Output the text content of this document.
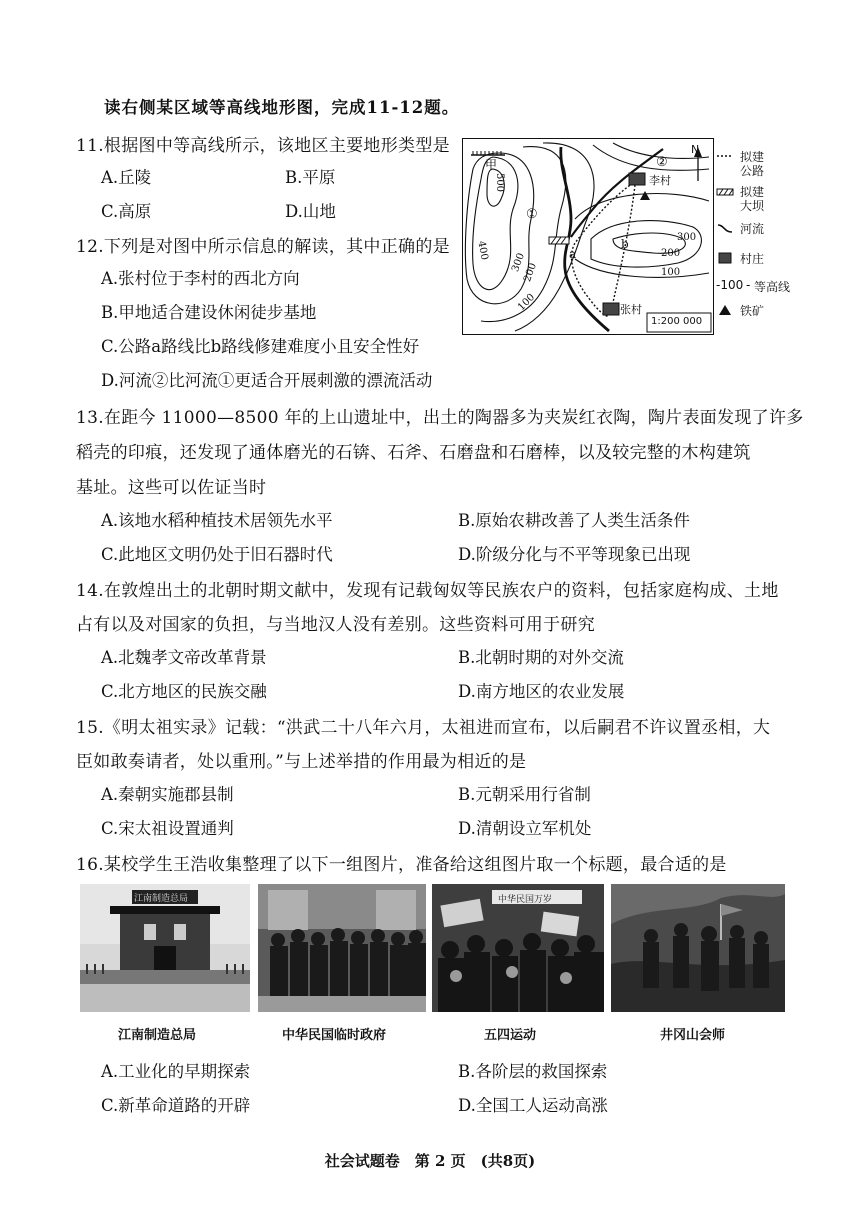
读右侧某区域等高线地形图，完成11-12题。
11.根据图中等高线所示，该地区主要地形类型是
A.丘陵	B.平原
C.高原	D.山地
12.下列是对图中所示信息的解读，其中正确的是
A.张村位于李村的西北方向
B.甲地适合建设休闲徒步基地
C.公路a路线比b路线修建难度小且安全性好
D.河流②比河流①更适合开展刺激的漂流活动
N
甲
500
400
300
200
100
①
②
李村
张村
a
b	300
200
100
1:200 000
拟建
公路
拟建
大坝
河流
村庄
-100 - 等高线
铁矿
13.在距今 11000—8500 年的上山遗址中，出土的陶器多为夹炭红衣陶，陶片表面发现了许多
稻壳的印痕，还发现了通体磨光的石锛、石斧、石磨盘和石磨棒，以及较完整的木构建筑
基址。这些可以佐证当时
A.该地水稻种植技术居领先水平	B.原始农耕改善了人类生活条件
C.此地区文明仍处于旧石器时代	D.阶级分化与不平等现象已出现
14.在敦煌出土的北朝时期文献中，发现有记载匈奴等民族农户的资料，包括家庭构成、土地
占有以及对国家的负担，与当地汉人没有差别。这些资料可用于研究
A.北魏孝文帝改革背景	B.北朝时期的对外交流
C.北方地区的民族交融	D.南方地区的农业发展
15.《明太祖实录》记载：“洪武二十八年六月，太祖进而宣布，以后嗣君不许议置丞相，大
臣如敢奏请者，处以重刑。”与上述举措的作用最为相近的是
A.秦朝实施郡县制	B.元朝采用行省制
C.宋太祖设置通判	D.清朝设立军机处
16.某校学生王浩收集整理了以下一组图片，准备给这组图片取一个标题，最合适的是
江南制造总局	中华民国万岁
江南制造总局	中华民国临时政府	五四运动	井冈山会师
A.工业化的早期探索	B.各阶层的救国探索
C.新革命道路的开辟	D.全国工人运动高涨
社会试题卷　第 2 页　(共8页)
